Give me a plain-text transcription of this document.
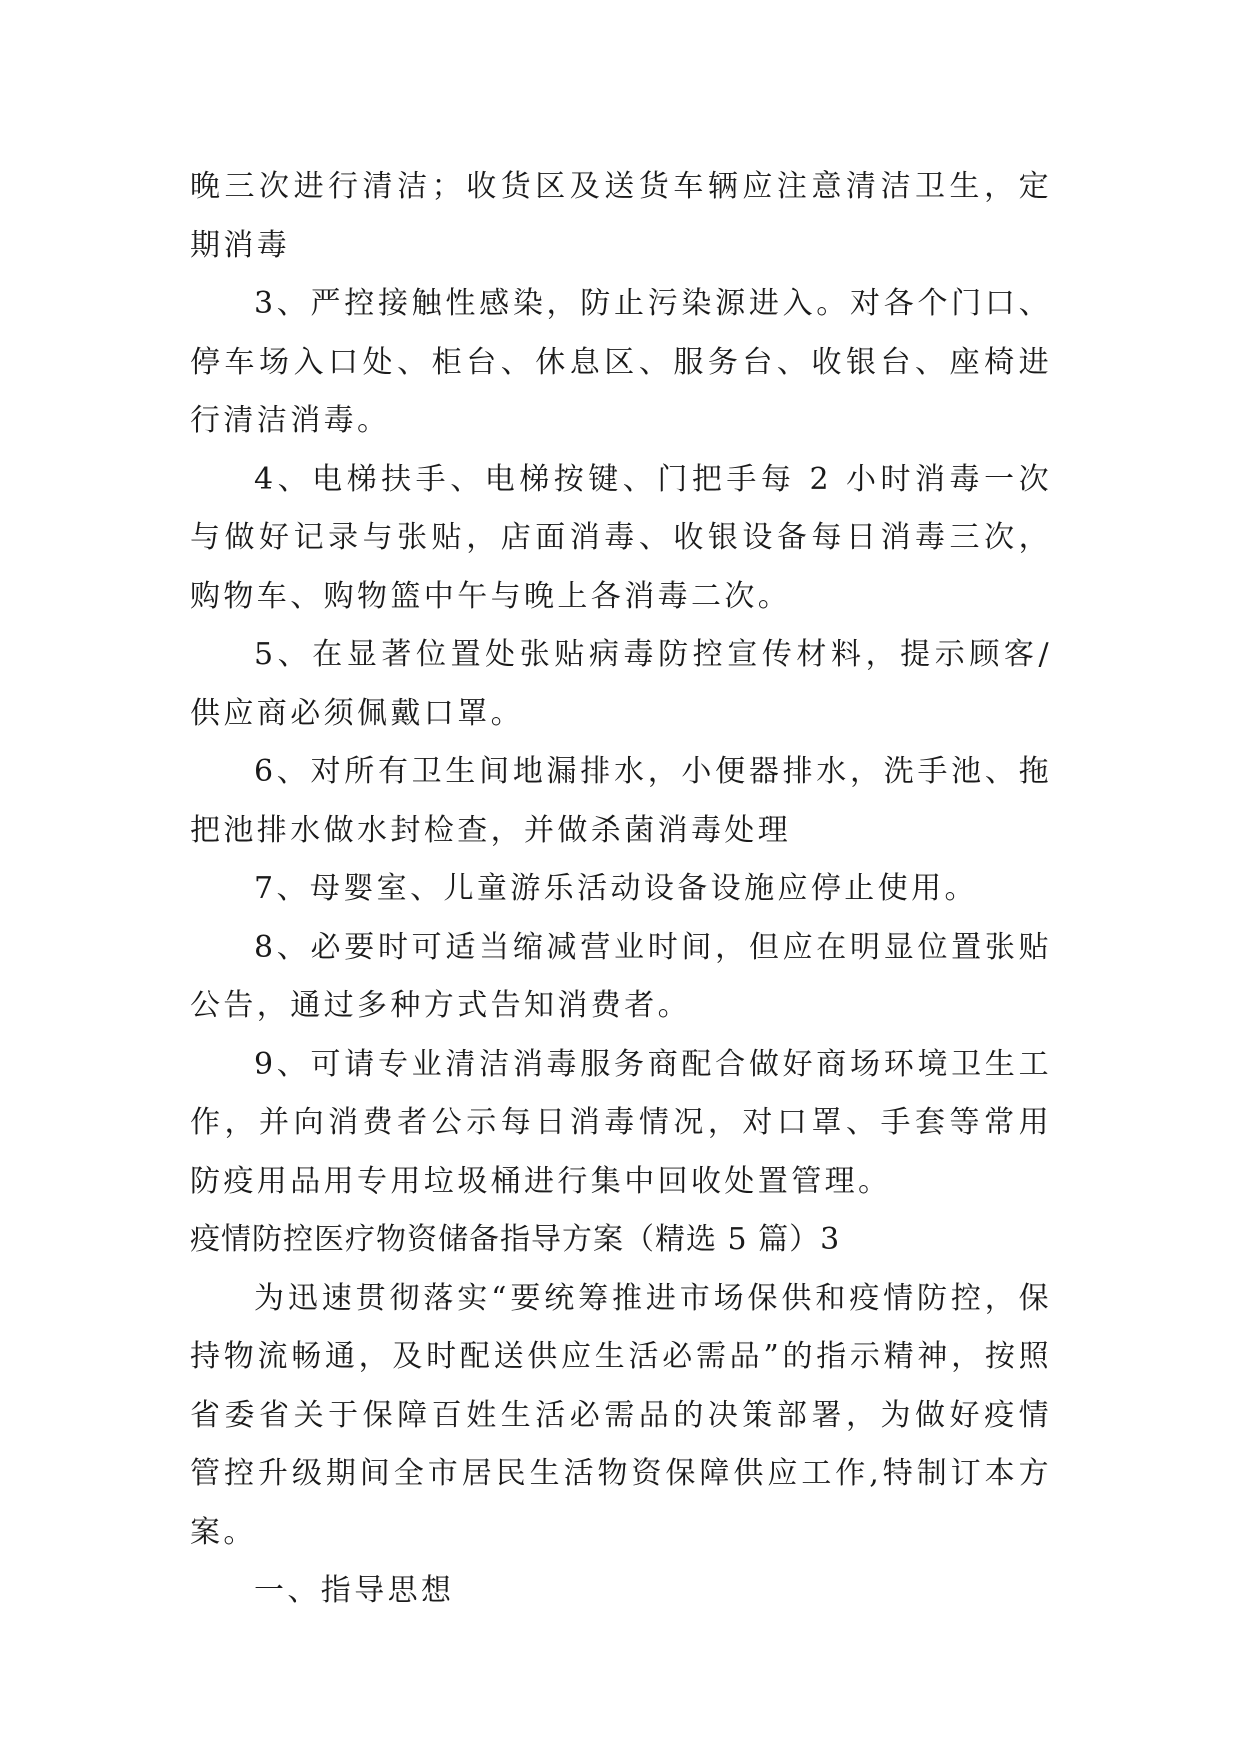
晚三次进行清洁；收货区及送货车辆应注意清洁卫生，定期消毒

3、严控接触性感染，防止污染源进入。对各个门口、停车场入口处、柜台、休息区、服务台、收银台、座椅进行清洁消毒。

4、电梯扶手、电梯按键、门把手每 2 小时消毒一次与做好记录与张贴，店面消毒、收银设备每日消毒三次，购物车、购物篮中午与晚上各消毒二次。

5、在显著位置处张贴病毒防控宣传材料，提示顾客/供应商必须佩戴口罩。

6、对所有卫生间地漏排水，小便器排水，洗手池、拖把池排水做水封检查，并做杀菌消毒处理

7、母婴室、儿童游乐活动设备设施应停止使用。

8、必要时可适当缩减营业时间，但应在明显位置张贴公告，通过多种方式告知消费者。

9、可请专业清洁消毒服务商配合做好商场环境卫生工作，并向消费者公示每日消毒情况，对口罩、手套等常用防疫用品用专用垃圾桶进行集中回收处置管理。

疫情防控医疗物资储备指导方案（精选 5 篇）3

为迅速贯彻落实“要统筹推进市场保供和疫情防控，保持物流畅通，及时配送供应生活必需品”的指示精神，按照省委省关于保障百姓生活必需品的决策部署，为做好疫情管控升级期间全市居民生活物资保障供应工作,特制订本方案。

一、指导思想
